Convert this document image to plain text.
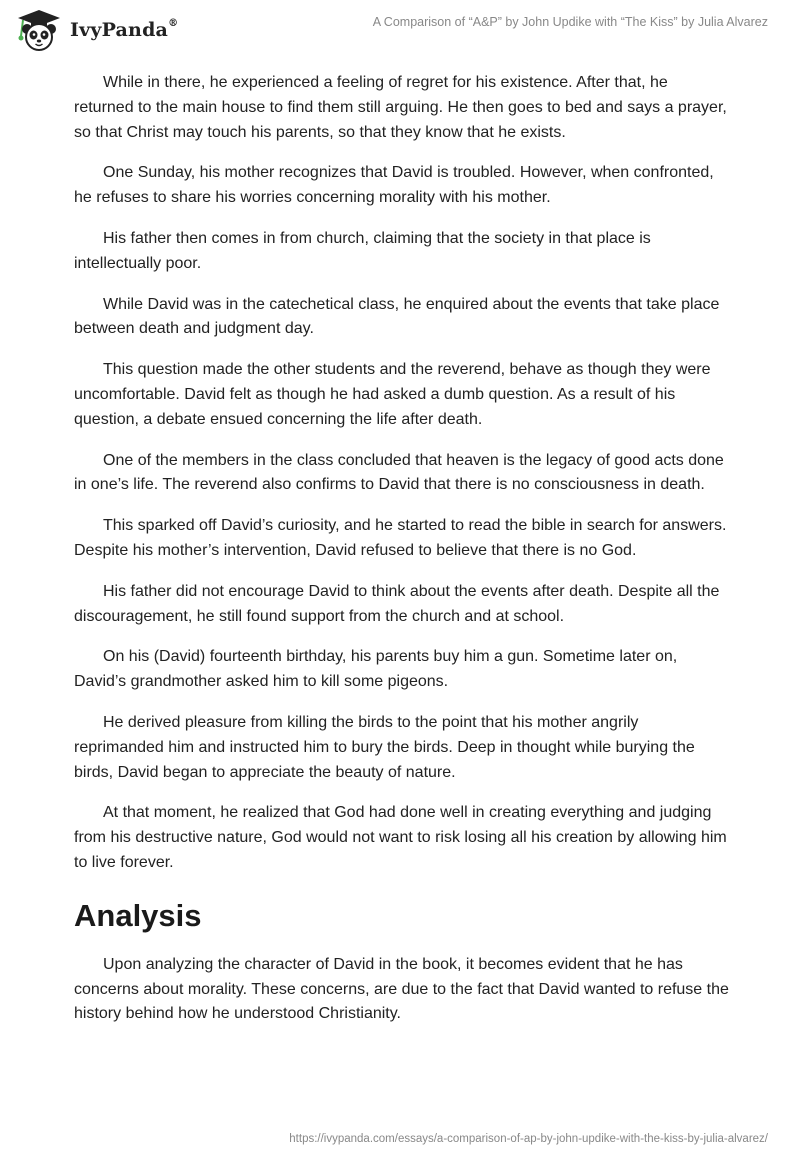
IvyPanda®	A Comparison of “A&P” by John Updike with “The Kiss” by Julia Alvarez

While in there, he experienced a feeling of regret for his existence. After that, he returned to the main house to find them still arguing. He then goes to bed and says a prayer, so that Christ may touch his parents, so that they know that he exists.

One Sunday, his mother recognizes that David is troubled. However, when confronted, he refuses to share his worries concerning morality with his mother.

His father then comes in from church, claiming that the society in that place is intellectually poor.

While David was in the catechetical class, he enquired about the events that take place between death and judgment day.

This question made the other students and the reverend, behave as though they were uncomfortable. David felt as though he had asked a dumb question. As a result of his question, a debate ensued concerning the life after death.

One of the members in the class concluded that heaven is the legacy of good acts done in one’s life. The reverend also confirms to David that there is no consciousness in death.

This sparked off David’s curiosity, and he started to read the bible in search for answers. Despite his mother’s intervention, David refused to believe that there is no God.

His father did not encourage David to think about the events after death. Despite all the discouragement, he still found support from the church and at school.

On his (David) fourteenth birthday, his parents buy him a gun. Sometime later on, David’s grandmother asked him to kill some pigeons.

He derived pleasure from killing the birds to the point that his mother angrily reprimanded him and instructed him to bury the birds. Deep in thought while burying the birds, David began to appreciate the beauty of nature.

At that moment, he realized that God had done well in creating everything and judging from his destructive nature, God would not want to risk losing all his creation by allowing him to live forever.

Analysis

Upon analyzing the character of David in the book, it becomes evident that he has concerns about morality. These concerns, are due to the fact that David wanted to refuse the history behind how he understood Christianity.

https://ivypanda.com/essays/a-comparison-of-ap-by-john-updike-with-the-kiss-by-julia-alvarez/
